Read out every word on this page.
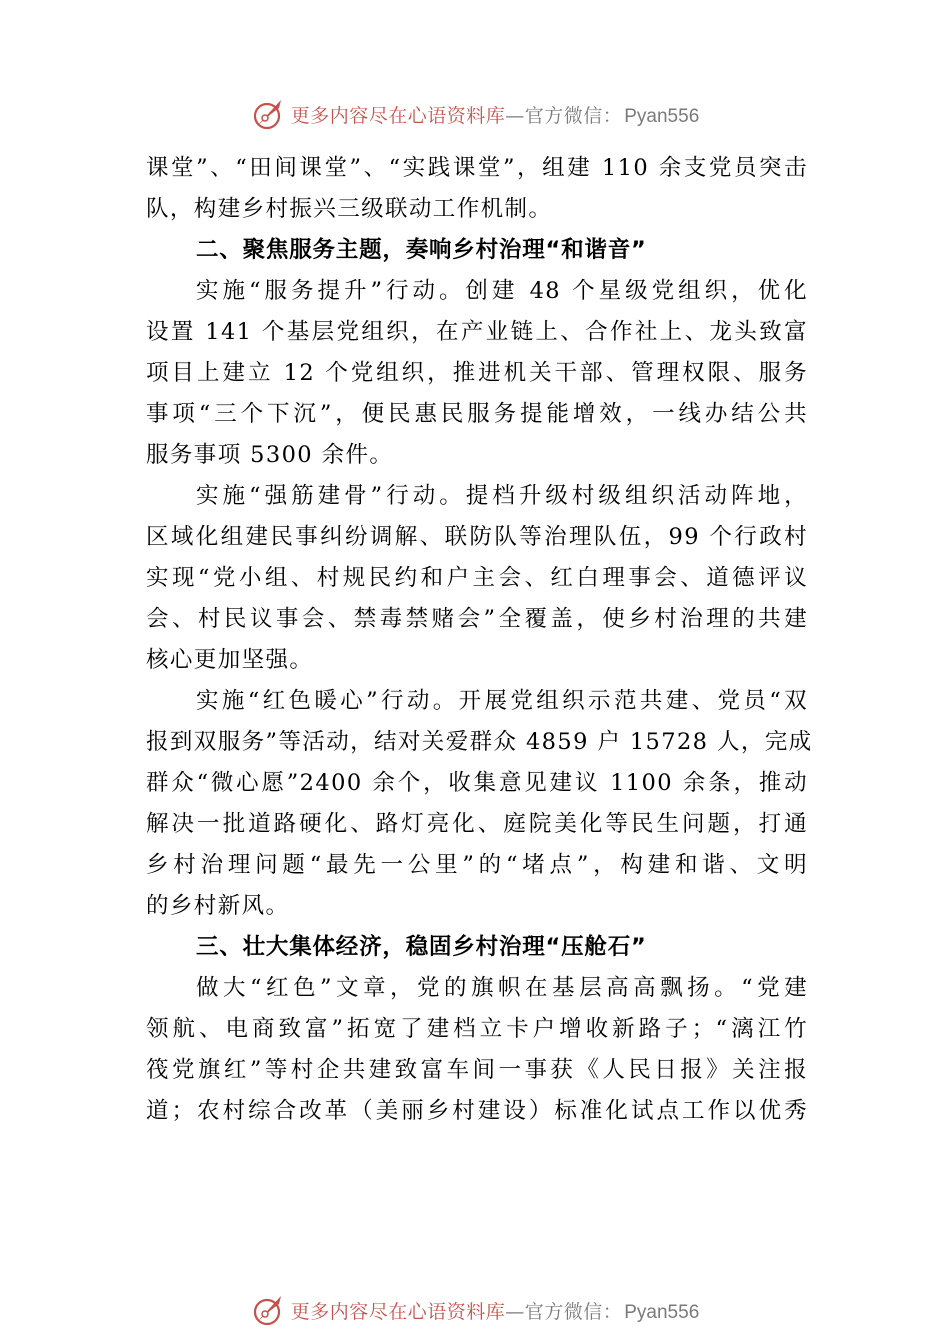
更多内容尽在心语资料库—官方微信： Pyan556

课堂”、“田间课堂”、“实践课堂”，组建 110 余支党员突击
队，构建乡村振兴三级联动工作机制。

二、聚焦服务主题，奏响乡村治理“和谐音”

实施“服务提升”行动。创建 48 个星级党组织，优化
设置 141 个基层党组织，在产业链上、合作社上、龙头致富
项目上建立 12 个党组织，推进机关干部、管理权限、服务
事项“三个下沉”，便民惠民服务提能增效，一线办结公共
服务事项 5300 余件。

实施“强筋建骨”行动。提档升级村级组织活动阵地，
区域化组建民事纠纷调解、联防队等治理队伍，99 个行政村
实现“党小组、村规民约和户主会、红白理事会、道德评议
会、村民议事会、禁毒禁赌会”全覆盖，使乡村治理的共建
核心更加坚强。

实施“红色暖心”行动。开展党组织示范共建、党员“双
报到双服务”等活动，结对关爱群众 4859 户 15728 人，完成
群众“微心愿”2400 余个，收集意见建议 1100 余条，推动
解决一批道路硬化、路灯亮化、庭院美化等民生问题，打通
乡村治理问题“最先一公里”的“堵点”，构建和谐、文明
的乡村新风。

三、壮大集体经济，稳固乡村治理“压舱石”

做大“红色”文章，党的旗帜在基层高高飘扬。“党建
领航、电商致富”拓宽了建档立卡户增收新路子；“漓江竹
筏党旗红”等村企共建致富车间一事获《人民日报》关注报
道；农村综合改革（美丽乡村建设）标准化试点工作以优秀

更多内容尽在心语资料库—官方微信： Pyan556
